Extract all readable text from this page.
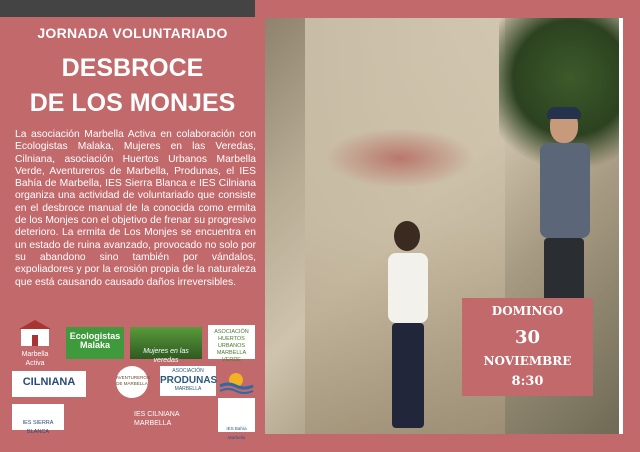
JORNADA VOLUNTARIADO
DESBROCE
DE LOS MONJES

La asociación Marbella Activa en colaboración con Ecologistas Malaka, Mujeres en las Veredas, Cilniana, asociación Huertos Urbanos Marbella Verde, Aventureros de Marbella, Produnas, el IES Bahía de Marbella, IES Sierra Blanca e IES Cilniana organiza una actividad de voluntariado que consiste en el desbroce manual de la conocida como ermita de los Monjes con el objetivo de frenar su progresivo deterioro. La ermita de Los Monjes se encuentra en un estado de ruina avanzado, provocado no solo por su abandono sino también por vándalos, expoliadores y por la erosión propia de la naturaleza que está causando causado daños irreversibles.

DOMINGO
30
NOVIEMBRE
8:30
Marbella Activa
Ecologistas
Malaka
Mujeres en las veredas
ASOCIACIÓN HUERTOS URBANOS MARBELLA VERDE
CILNIANA	AVENTUREROS DE MARBELLA
ASOCIACIÓN
PRODUNAS
MARBELLA
IES SIERRA BLANCA
IES CILNIANA MARBELLA
IES Bahía Marbella
